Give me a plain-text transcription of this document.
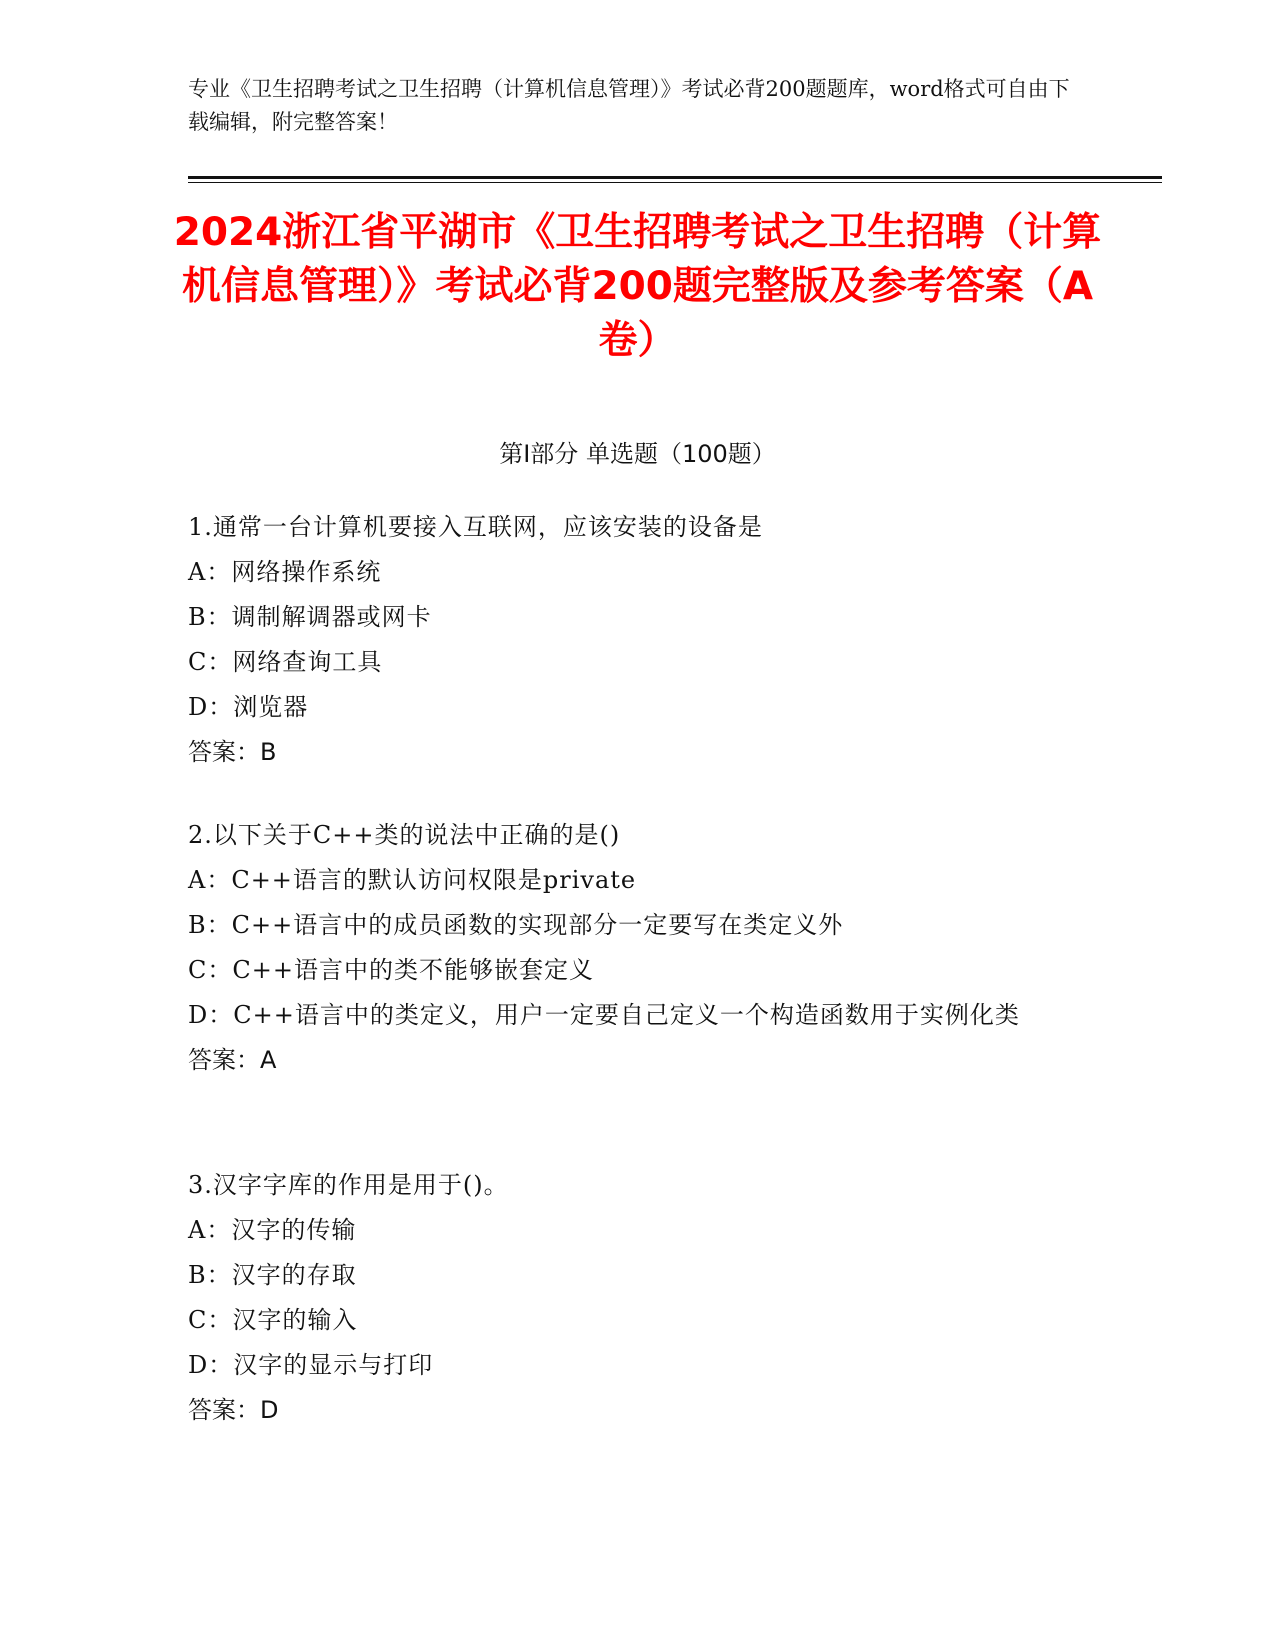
专业《卫生招聘考试之卫生招聘（计算机信息管理）》考试必背200题题库，word格式可自由下载编辑，附完整答案！
2024浙江省平湖市《卫生招聘考试之卫生招聘（计算机信息管理）》考试必背200题完整版及参考答案（A卷）
第I部分 单选题（100题）
1.通常一台计算机要接入互联网，应该安装的设备是
A：网络操作系统
B：调制解调器或网卡
C：网络查询工具
D：浏览器
答案：B
2.以下关于C++类的说法中正确的是()
A：C++语言的默认访问权限是private
B：C++语言中的成员函数的实现部分一定要写在类定义外
C：C++语言中的类不能够嵌套定义
D：C++语言中的类定义，用户一定要自己定义一个构造函数用于实例化类
答案：A
3.汉字字库的作用是用于()。
A：汉字的传输
B：汉字的存取
C：汉字的输入
D：汉字的显示与打印
答案：D
